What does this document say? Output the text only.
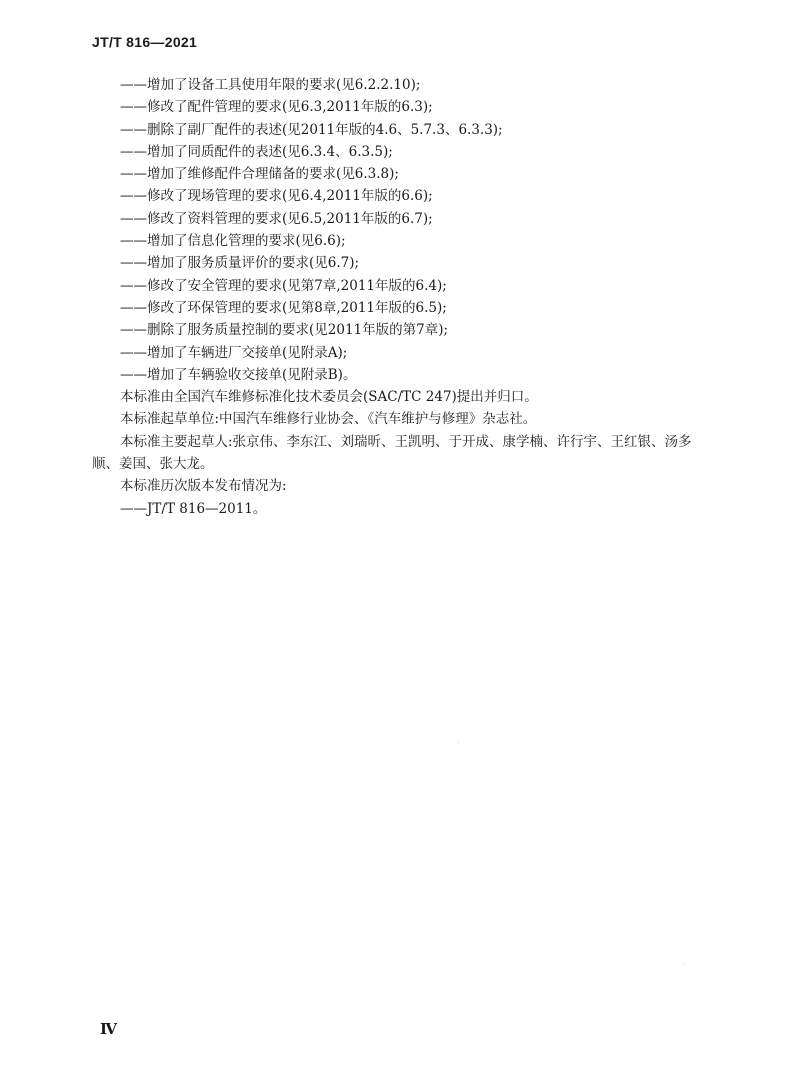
JT/T 816—2021
——增加了设备工具使用年限的要求(见6.2.2.10);
——修改了配件管理的要求(见6.3,2011年版的6.3);
——删除了副厂配件的表述(见2011年版的4.6、5.7.3、6.3.3);
——增加了同质配件的表述(见6.3.4、6.3.5);
——增加了维修配件合理储备的要求(见6.3.8);
——修改了现场管理的要求(见6.4,2011年版的6.6);
——修改了资料管理的要求(见6.5,2011年版的6.7);
——增加了信息化管理的要求(见6.6);
——增加了服务质量评价的要求(见6.7);
——修改了安全管理的要求(见第7章,2011年版的6.4);
——修改了环保管理的要求(见第8章,2011年版的6.5);
——删除了服务质量控制的要求(见2011年版的第7章);
——增加了车辆进厂交接单(见附录A);
——增加了车辆验收交接单(见附录B)。

本标准由全国汽车维修标准化技术委员会(SAC/TC 247)提出并归口。

本标准起草单位:中国汽车维修行业协会、《汽车维护与修理》杂志社。

本标准主要起草人:张京伟、李东江、刘瑞昕、王凯明、于开成、康学楠、许行宇、王红银、汤多顺、姜国、张大龙。

本标准历次版本发布情况为:

——JT/T 816—2011。
Ⅳ
